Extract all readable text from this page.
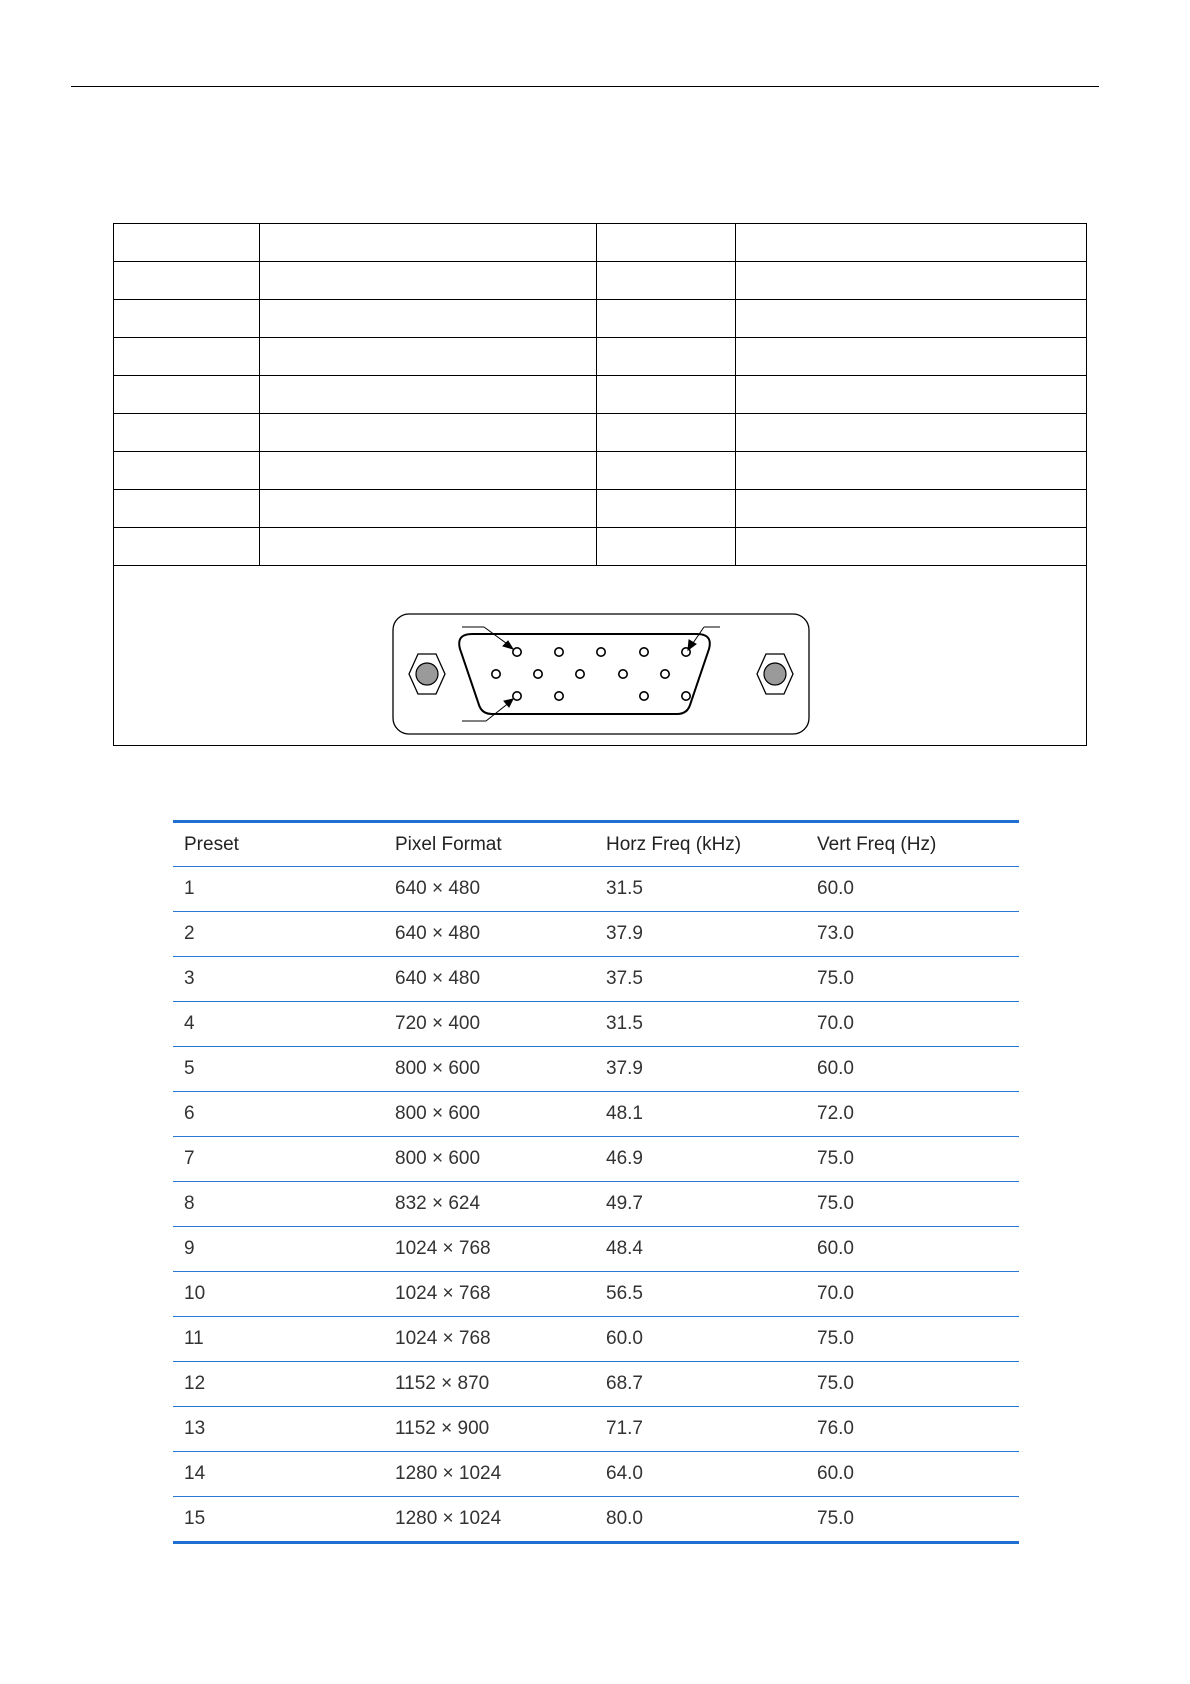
Preset	Pixel Format	Horz Freq (kHz)	Vert Freq (Hz)
1	640 × 480	31.5	60.0
2	640 × 480	37.9	73.0
3	640 × 480	37.5	75.0
4	720 × 400	31.5	70.0
5	800 × 600	37.9	60.0
6	800 × 600	48.1	72.0
7	800 × 600	46.9	75.0
8	832 × 624	49.7	75.0
9	1024 × 768	48.4	60.0
10	1024 × 768	56.5	70.0
11	1024 × 768	60.0	75.0
12	1152 × 870	68.7	75.0
13	1152 × 900	71.7	76.0
14	1280 × 1024	64.0	60.0
15	1280 × 1024	80.0	75.0
